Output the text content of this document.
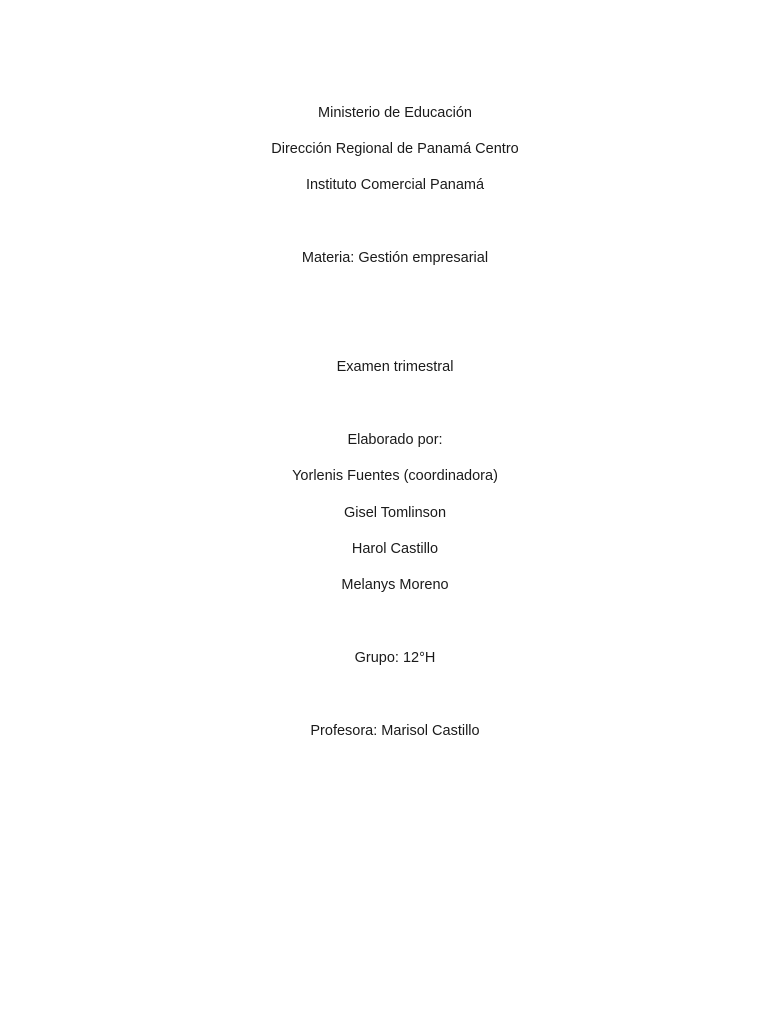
Ministerio de Educación
Dirección Regional de Panamá Centro
Instituto Comercial Panamá
Materia: Gestión empresarial
Examen trimestral
Elaborado por:
Yorlenis Fuentes (coordinadora)
Gisel Tomlinson
Harol Castillo
Melanys Moreno
Grupo: 12°H
Profesora: Marisol Castillo
